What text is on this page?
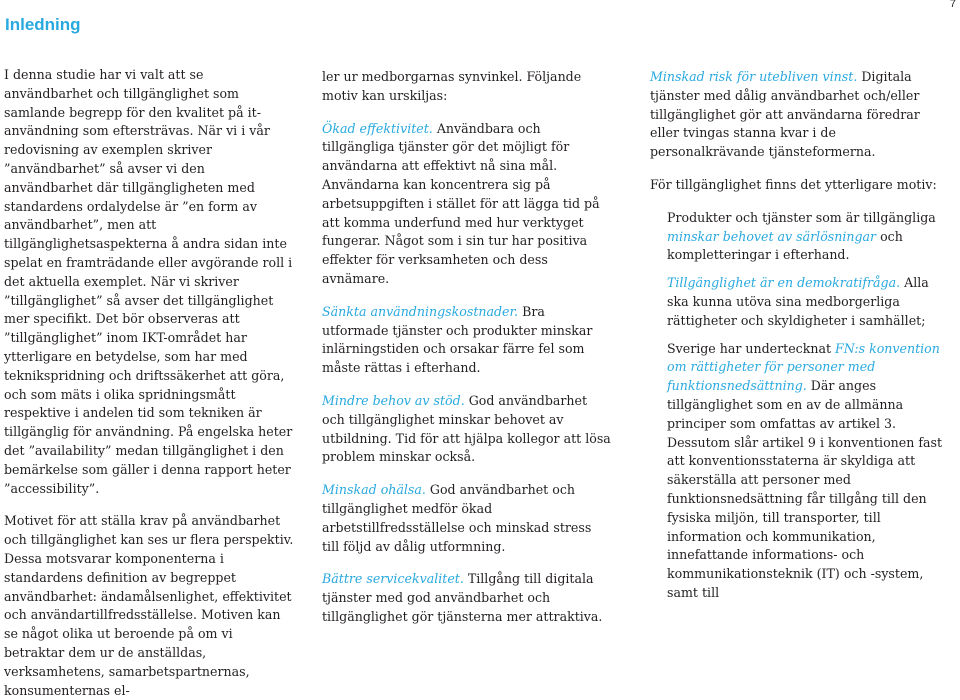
Inledning
7

I denna studie har vi valt att se användbarhet och tillgänglighet som samlande begrepp för den kvalitet på it-användning som eftersträvas. När vi i vår redovisning av exemplen skriver ”användbarhet” så avser vi den användbarhet där tillgängligheten med standardens ordalydelse är ”en form av användbarhet”, men att tillgänglighetsaspekterna å andra sidan inte spelat en framträdande eller avgörande roll i det aktuella exemplet. När vi skriver ”tillgänglighet” så avser det tillgänglighet mer specifikt. Det bör observeras att ”tillgänglighet” inom IKT-området har ytterligare en betydelse, som har med teknikspridning och driftssäkerhet att göra, och som mäts i olika spridningsmått respektive i andelen tid som tekniken är tillgänglig för användning. På engelska heter det ”availability” medan tillgänglighet i den bemärkelse som gäller i denna rapport heter ”accessibility”.

Motivet för att ställa krav på användbarhet och tillgänglighet kan ses ur flera perspektiv. Dessa motsvarar komponenterna i standardens definition av begreppet användbarhet: ändamålsenlighet, effektivitet och användartillfredsställelse. Motiven kan se något olika ut beroende på om vi betraktar dem ur de anställdas, verksamhetens, samarbetspartnernas, konsumenternas el-

ler ur medborgarnas synvinkel. Följande motiv kan urskiljas:

Ökad effektivitet. Användbara och tillgängliga tjänster gör det möjligt för användarna att effektivt nå sina mål. Användarna kan koncentrera sig på arbetsuppgiften i stället för att lägga tid på att komma underfund med hur verktyget fungerar. Något som i sin tur har positiva effekter för verksamheten och dess avnämare.

Sänkta användningskostnader. Bra utformade tjänster och produkter minskar inlärningstiden och orsakar färre fel som måste rättas i efterhand.

Mindre behov av stöd. God användbarhet och tillgänglighet minskar behovet av utbildning. Tid för att hjälpa kollegor att lösa problem minskar också.

Minskad ohälsa. God användbarhet och tillgänglighet medför ökad arbetstillfredsställelse och minskad stress till följd av dålig utformning.

Bättre servicekvalitet. Tillgång till digitala tjänster med god användbarhet och tillgänglighet gör tjänsterna mer attraktiva.

Minskad risk för utebliven vinst. Digitala tjänster med dålig användbarhet och/eller tillgänglighet gör att användarna föredrar eller tvingas stanna kvar i de personalkrävande tjänsteformerna.

För tillgänglighet finns det ytterligare motiv:

Produkter och tjänster som är tillgängliga minskar behovet av särlösningar och kompletteringar i efterhand.

Tillgänglighet är en demokratifråga. Alla ska kunna utöva sina medborgerliga rättigheter och skyldigheter i samhället;

Sverige har undertecknat FN:s konvention om rättigheter för personer med funktionsnedsättning. Där anges tillgänglighet som en av de allmänna principer som omfattas av artikel 3. Dessutom slår artikel 9 i konventionen fast att konventionsstaterna är skyldiga att säkerställa att personer med funktionsnedsättning får tillgång till den fysiska miljön, till transporter, till information och kommunikation, innefattande informations- och kommunikationsteknik (IT) och -system, samt till
